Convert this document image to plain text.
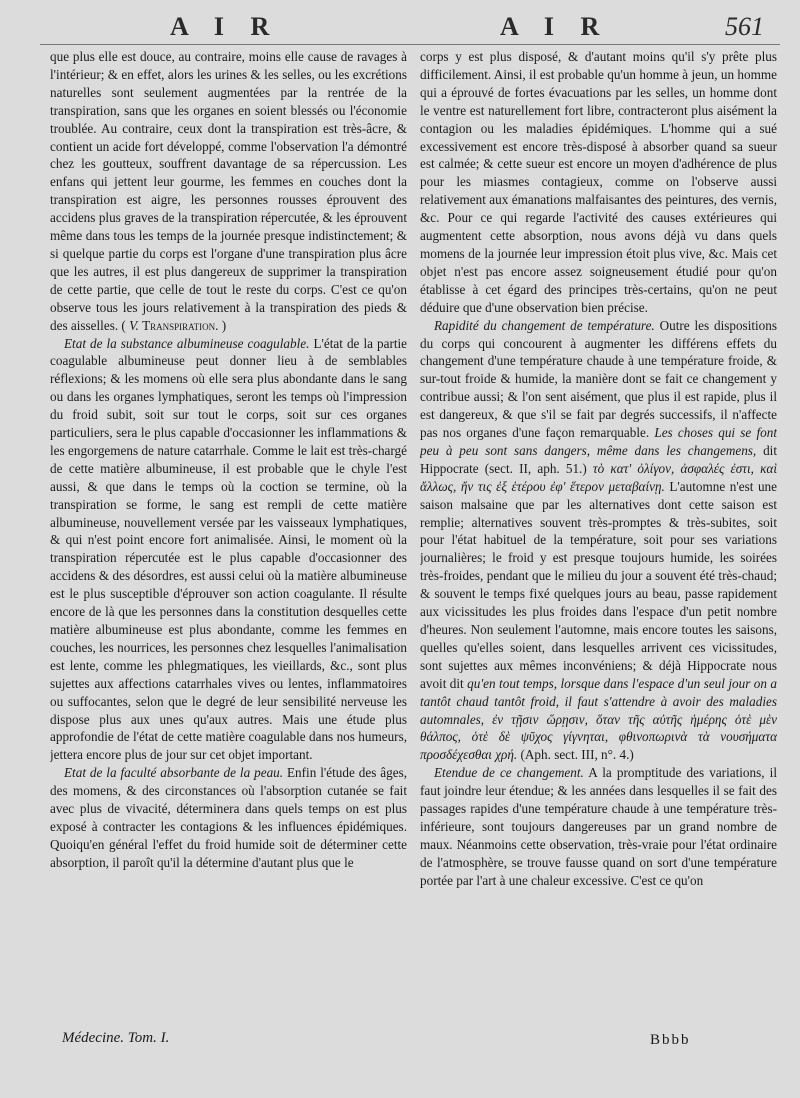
A I R	A I R	561

que plus elle est douce, au contraire, moins elle cause de ravages à l'intérieur; & en effet, alors les urines & les selles, ou les excrétions naturelles sont seulement augmentées par la rentrée de la transpiration, sans que les organes en soient blessés ou l'économie troublée. Au contraire, ceux dont la transpiration est très-âcre, & contient un acide fort développé, comme l'observation l'a démontré chez les goutteux, souffrent davantage de sa répercussion. Les enfans qui jettent leur gourme, les femmes en couches dont la transpiration est aigre, les personnes rousses éprouvent des accidens plus graves de la transpiration répercutée, & les éprouvent même dans tous les temps de la journée presque indistinctement; & si quelque partie du corps est l'organe d'une transpiration plus âcre que les autres, il est plus dangereux de supprimer la transpiration de cette partie, que celle de tout le reste du corps. C'est ce qu'on observe tous les jours relativement à la transpiration des pieds & des aisselles. ( V. Transpiration. )

Etat de la substance albumineuse coagulable. L'état de la partie coagulable albumineuse peut donner lieu à de semblables réflexions; & les momens où elle sera plus abondante dans le sang ou dans les organes lymphatiques, seront les temps où l'impression du froid subit, soit sur tout le corps, soit sur ces organes particuliers, sera le plus capable d'occasionner les inflammations & les engorgemens de nature catarrhale. Comme le lait est très-chargé de cette matière albumineuse, il est probable que le chyle l'est aussi, & que dans le temps où la coction se termine, où la transpiration se forme, le sang est rempli de cette matière albumineuse, nouvellement versée par les vaisseaux lymphatiques, & qui n'est point encore fort animalisée. Ainsi, le moment où la transpiration répercutée est le plus capable d'occasionner des accidens & des désordres, est aussi celui où la matière albumineuse est le plus susceptible d'éprouver son action coagulante. Il résulte encore de là que les personnes dans la constitution desquelles cette matière albumineuse est plus abondante, comme les femmes en couches, les nourrices, les personnes chez lesquelles l'animalisation est lente, comme les phlegmatiques, les vieillards, &c., sont plus sujettes aux affections catarrhales vives ou lentes, inflammatoires ou suffocantes, selon que le degré de leur sensibilité nerveuse les dispose plus aux unes qu'aux autres. Mais une étude plus approfondie de l'état de cette matière coagulable dans nos humeurs, jettera encore plus de jour sur cet objet important.

Etat de la faculté absorbante de la peau. Enfin l'étude des âges, des momens, & des circonstances où l'absorption cutanée se fait avec plus de vivacité, déterminera dans quels temps on est plus exposé à contracter les contagions & les influences épidémiques. Quoiqu'en général l'effet du froid humide soit de déterminer cette absorption, il paroît qu'il la détermine d'autant plus que le

corps y est plus disposé, & d'autant moins qu'il s'y prête plus difficilement. Ainsi, il est probable qu'un homme à jeun, un homme qui a éprouvé de fortes évacuations par les selles, un homme dont le ventre est naturellement fort libre, contracteront plus aisément la contagion ou les maladies épidémiques. L'homme qui a sué excessivement est encore très-disposé à absorber quand sa sueur est calmée; & cette sueur est encore un moyen d'adhérence de plus pour les miasmes contagieux, comme on l'observe aussi relativement aux émanations malfaisantes des peintures, des vernis, &c. Pour ce qui regarde l'activité des causes extérieures qui augmentent cette absorption, nous avons déjà vu dans quels momens de la journée leur impression étoit plus vive, &c. Mais cet objet n'est pas encore assez soigneusement étudié pour qu'on établisse à cet égard des principes très-certains, qu'on ne peut déduire que d'une observation bien précise.

Rapidité du changement de température. Outre les dispositions du corps qui concourent à augmenter les différens effets du changement d'une température chaude à une température froide, & sur-tout froide & humide, la manière dont se fait ce changement y contribue aussi; & l'on sent aisément, que plus il est rapide, plus il est dangereux, & que s'il se fait par degrés successifs, il n'affecte pas nos organes d'une façon remarquable. Les choses qui se font peu à peu sont sans dangers, même dans les changemens, dit Hippocrate (sect. II, aph. 51.) τὸ κατ' ὀλίγον, ἀσφαλές ἐστι, καὶ ἄλλως, ἤν τις ἐξ ἑτέρου ἐφ' ἕτερον μεταβαίνῃ. L'automne n'est une saison malsaine que par les alternatives dont cette saison est remplie; alternatives souvent très-promptes & très-subites, soit pour l'état habituel de la température, soit pour ses variations journalières; le froid y est presque toujours humide, les soirées très-froides, pendant que le milieu du jour a souvent été très-chaud; & souvent le temps fixé quelques jours au beau, passe rapidement aux vicissitudes les plus froides dans l'espace d'un petit nombre d'heures. Non seulement l'automne, mais encore toutes les saisons, quelles qu'elles soient, dans lesquelles arrivent ces vicissitudes, sont sujettes aux mêmes inconvéniens; & déjà Hippocrate nous avoit dit qu'en tout temps, lorsque dans l'espace d'un seul jour on a tantôt chaud tantôt froid, il faut s'attendre à avoir des maladies automnales, ἐν τῇσιν ὥρῃσιν, ὅταν τῆς αὐτῆς ἡμέρης ὁτὲ μὲν θάλπος, ὁτὲ δὲ ψῦχος γίγνηται, φθινοπωρινὰ τὰ νουσήματα προσδέχεσθαι χρή. (Aph. sect. III, n°. 4.)

Etendue de ce changement. A la promptitude des variations, il faut joindre leur étendue; & les années dans lesquelles il se fait des passages rapides d'une température chaude à une température très-inférieure, sont toujours dangereuses par un grand nombre de maux. Néanmoins cette observation, très-vraie pour l'état ordinaire de l'atmosphère, se trouve fausse quand on sort d'une température portée par l'art à une chaleur excessive. C'est ce qu'on

Médecine. Tom. I.	Bbbb
